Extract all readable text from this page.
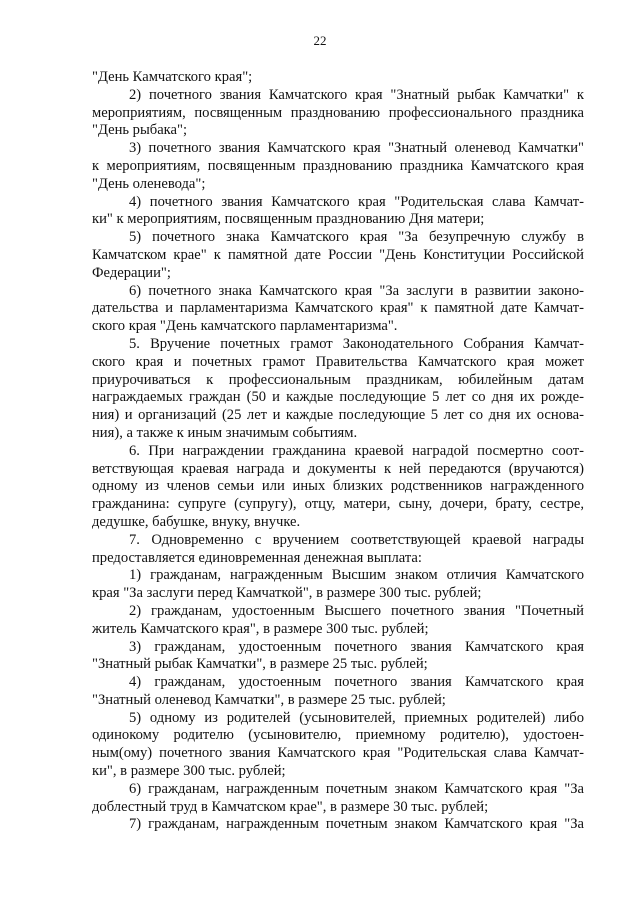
22
"День Камчатского края";
2) почетного звания Камчатского края "Знатный рыбак Камчатки" к
мероприятиям, посвященным празднованию профессионального праздника
"День рыбака";
3) почетного звания Камчатского края "Знатный оленевод Камчатки"
к мероприятиям, посвященным празднованию праздника Камчатского края
"День оленевода";
4) почетного звания Камчатского края "Родительская слава Камчат-
ки" к мероприятиям, посвященным празднованию Дня матери;
5) почетного знака Камчатского края "За безупречную службу в
Камчатском крае" к памятной дате России "День Конституции Российской
Федерации";
6) почетного знака Камчатского края "За заслуги в развитии законо-
дательства и парламентаризма Камчатского края" к памятной дате Камчат-
ского края "День камчатского парламентаризма".
5. Вручение почетных грамот Законодательного Собрания Камчат-
ского края и почетных грамот Правительства Камчатского края может
приурочиваться к профессиональным праздникам, юбилейным датам
награждаемых граждан (50 и каждые последующие 5 лет со дня их рожде-
ния) и организаций (25 лет и каждые последующие 5 лет со дня их основа-
ния), а также к иным значимым событиям.
6. При награждении гражданина краевой наградой посмертно соот-
ветствующая краевая награда и документы к ней передаются (вручаются)
одному из членов семьи или иных близких родственников награжденного
гражданина: супруге (супругу), отцу, матери, сыну, дочери, брату, сестре,
дедушке, бабушке, внуку, внучке.
7. Одновременно с вручением соответствующей краевой награды
предоставляется единовременная денежная выплата:
1) гражданам, награжденным Высшим знаком отличия Камчатского
края "За заслуги перед Камчаткой", в размере 300 тыс. рублей;
2) гражданам, удостоенным Высшего почетного звания "Почетный
житель Камчатского края", в размере 300 тыс. рублей;
3) гражданам, удостоенным почетного звания Камчатского края
"Знатный рыбак Камчатки", в размере 25 тыс. рублей;
4) гражданам, удостоенным почетного звания Камчатского края
"Знатный оленевод Камчатки", в размере 25 тыс. рублей;
5) одному из родителей (усыновителей, приемных родителей) либо
одинокому родителю (усыновителю, приемному родителю), удостоен-
ным(ому) почетного звания Камчатского края "Родительская слава Камчат-
ки", в размере 300 тыс. рублей;
6) гражданам, награжденным почетным знаком Камчатского края "За
доблестный труд в Камчатском крае", в размере 30 тыс. рублей;
7) гражданам, награжденным почетным знаком Камчатского края "За
